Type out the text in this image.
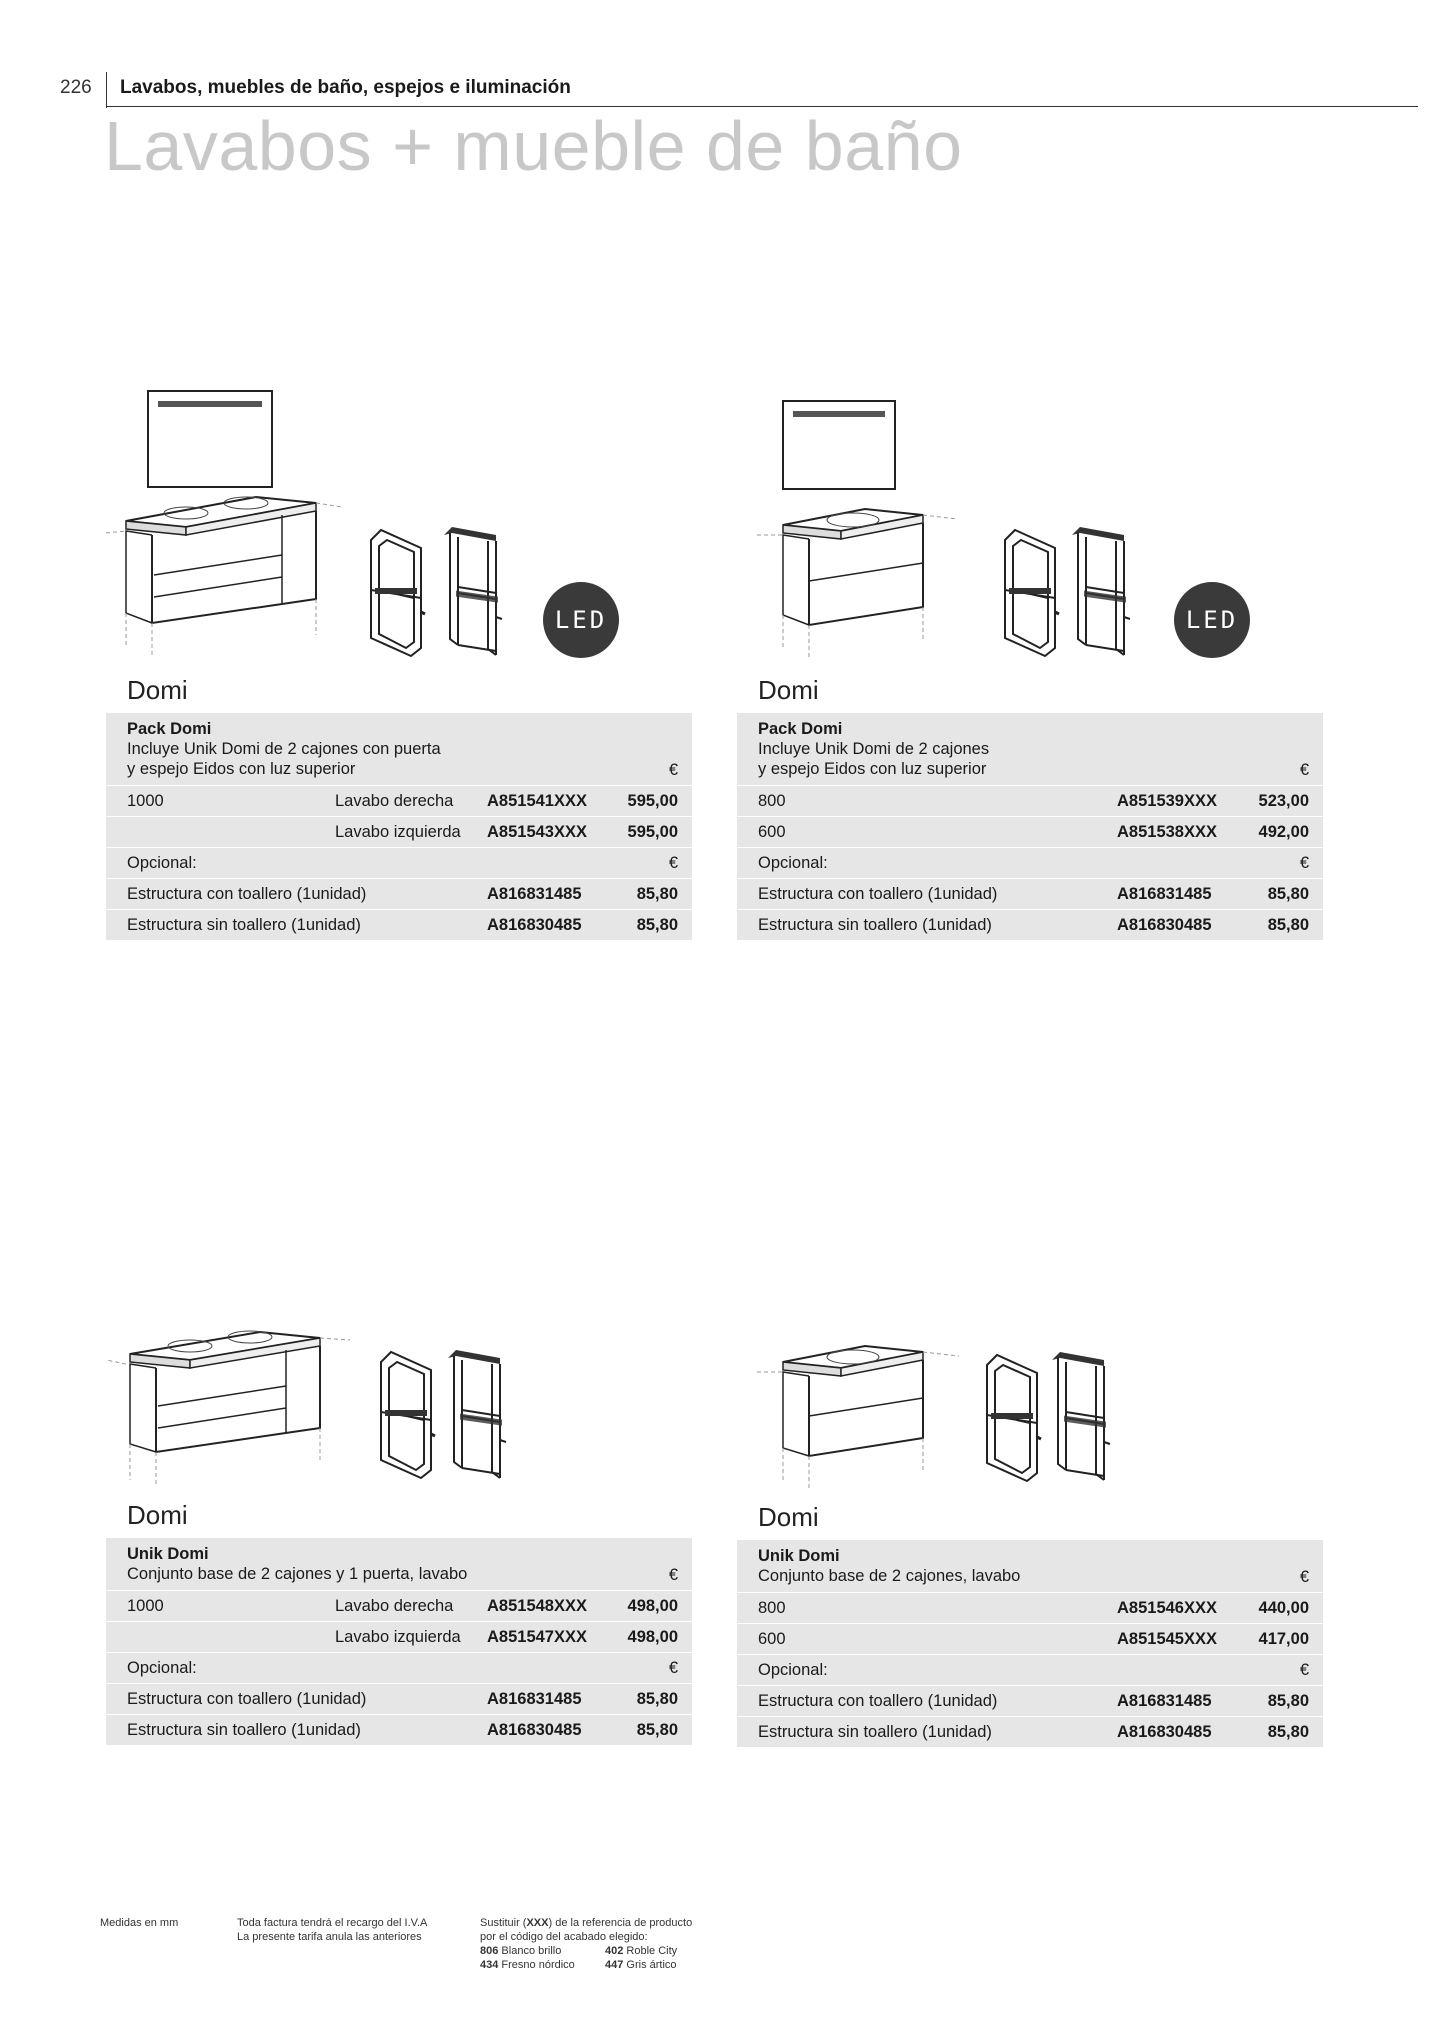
226 Lavabos, muebles de baño, espejos e iluminación
Lavabos + mueble de baño
LED
Domi
Pack Domi
Incluye Unik Domi de 2 cajones con puerta
y espejo Eidos con luz superior	€
1000	Lavabo derecha A851541XXX 595,00
Lavabo izquierda A851543XXX 595,00
Opcional:	€
Estructura con toallero (1unidad)	A816831485	85,80
Estructura sin toallero (1unidad)	A816830485	85,80
LED
Domi
Pack Domi
Incluye Unik Domi de 2 cajones
y espejo Eidos con luz superior	€
800	A851539XXX	523,00
600	A851538XXX	492,00
Opcional:	€
Estructura con toallero (1unidad)	A816831485	85,80
Estructura sin toallero (1unidad)	A816830485	85,80
Domi
Unik Domi
Conjunto base de 2 cajones y 1 puerta, lavabo	€
1000	Lavabo derecha A851548XXX 498,00
Lavabo izquierda A851547XXX 498,00
Opcional:	€
Estructura con toallero (1unidad)	A816831485	85,80
Estructura sin toallero (1unidad)	A816830485	85,80
Domi
Unik Domi
Conjunto base de 2 cajones, lavabo	€
800	A851546XXX	440,00
600	A851545XXX	417,00
Opcional:	€
Estructura con toallero (1unidad)	A816831485	85,80
Estructura sin toallero (1unidad)	A816830485	85,80
Medidas en mm	Toda factura tendrá el recargo del I.V.A
La presente tarifa anula las anteriores
Sustituir (XXX) de la referencia de producto
por el código del acabado elegido:
806 Blanco brillo	402 Roble City
434 Fresno nórdico	447 Gris ártico
